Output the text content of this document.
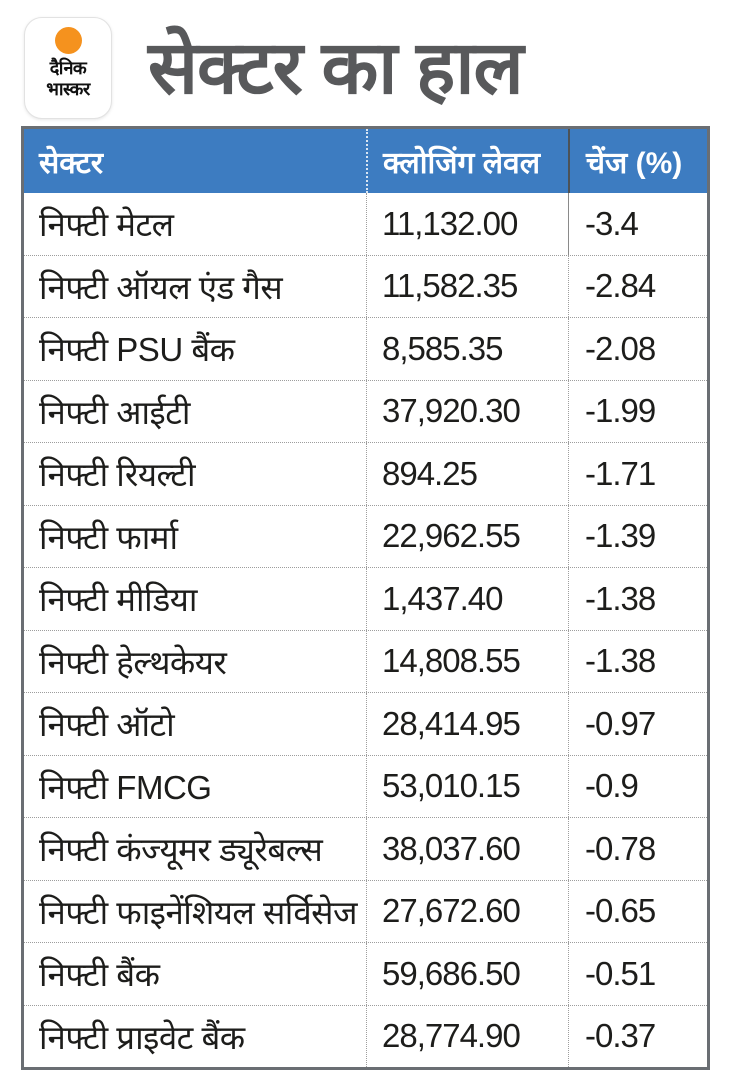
दैनिक
भास्कर सेक्टर का हाल
सेक्टर	क्लोजिंग लेवल	चेंज (%)
निफ्टी मेटल	11,132.00	-3.4
निफ्टी ऑयल एंड गैस	11,582.35	-2.84
निफ्टी PSU बैंक	8,585.35	-2.08
निफ्टी आईटी	37,920.30	-1.99
निफ्टी रियल्टी	894.25	-1.71
निफ्टी फार्मा	22,962.55	-1.39
निफ्टी मीडिया	1,437.40	-1.38
निफ्टी हेल्थकेयर	14,808.55	-1.38
निफ्टी ऑटो	28,414.95	-0.97
निफ्टी FMCG	53,010.15	-0.9
निफ्टी कंज्यूमर ड्यूरेबल्स	38,037.60	-0.78
निफ्टी फाइनेंशियल सर्विसेज 27,672.60	-0.65
निफ्टी बैंक	59,686.50	-0.51
निफ्टी प्राइवेट बैंक	28,774.90	-0.37
